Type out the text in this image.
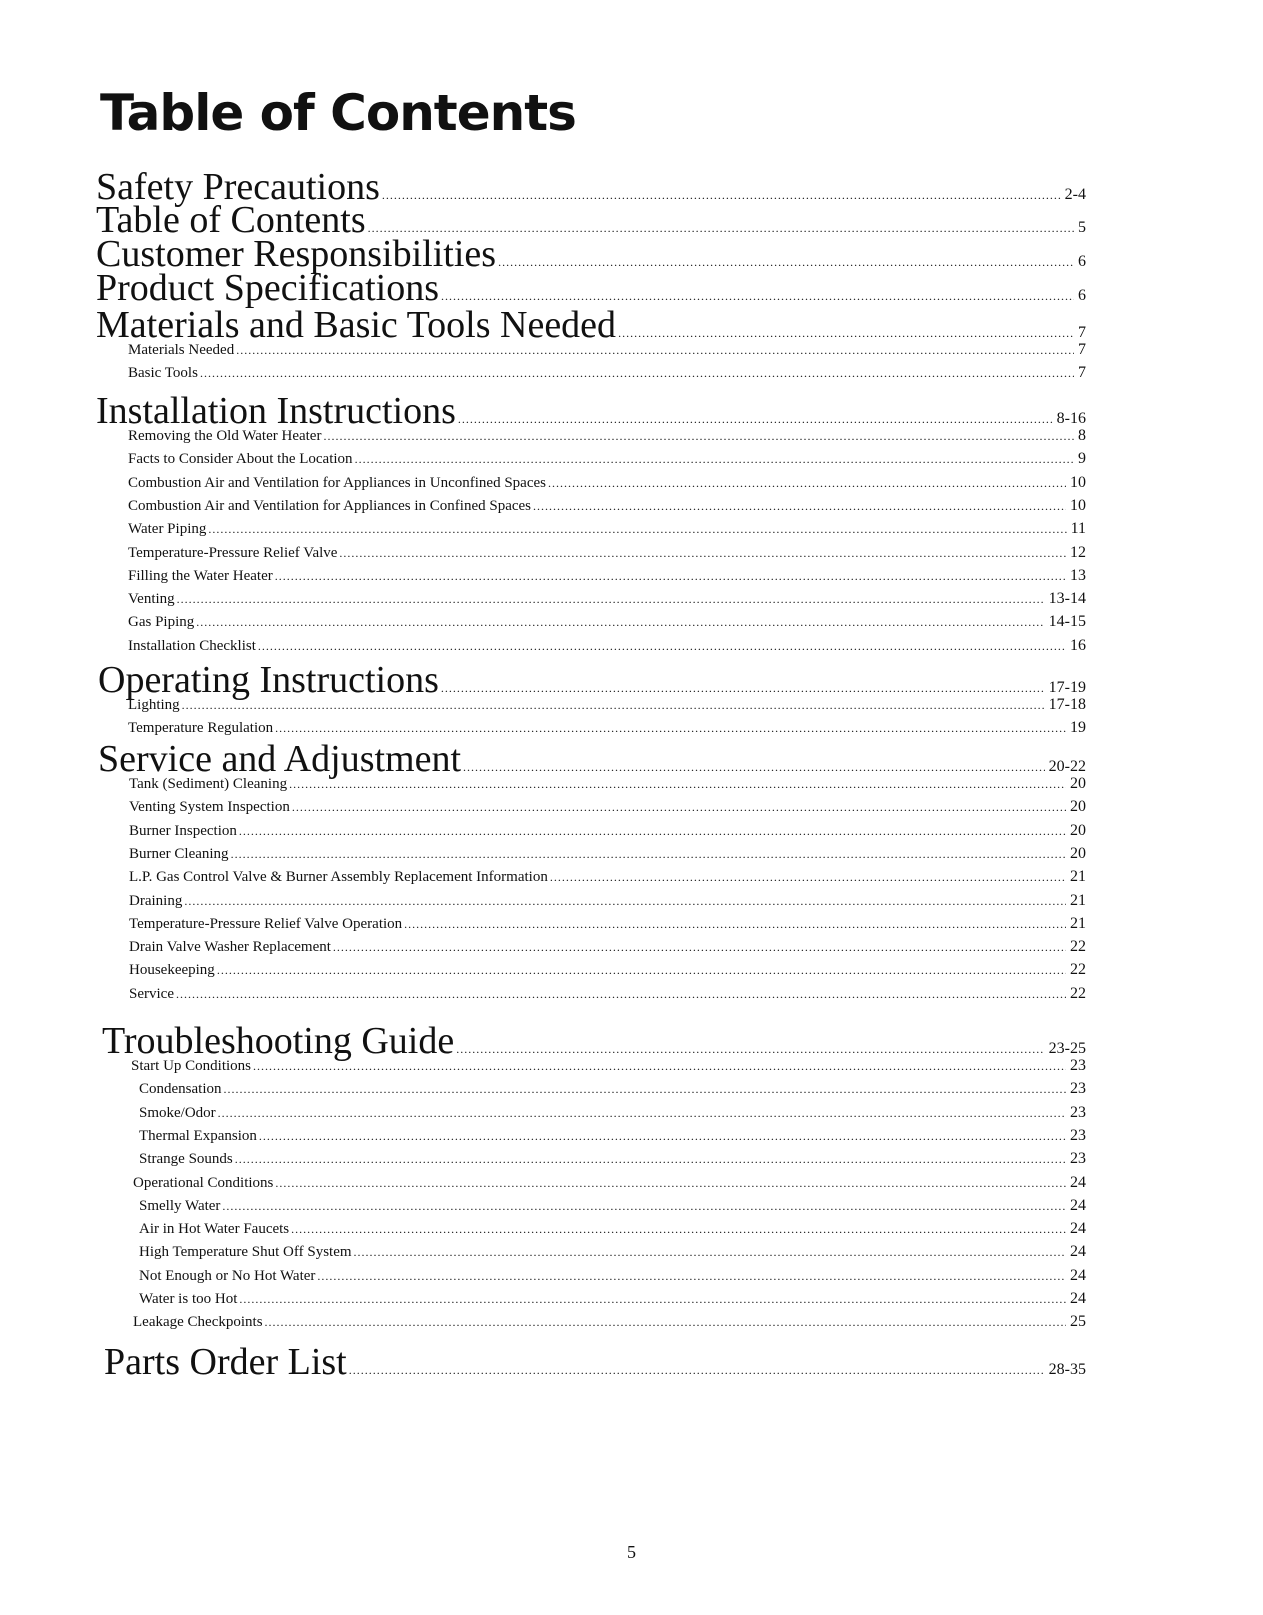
Table of Contents
Safety Precautions .....	2-4
Table of Contents .....	5
Customer Responsibilities .....	6
Product Specifications .....	6
Materials and Basic Tools Needed .....	7
Materials Needed .....	7
Basic Tools .....	7
Installation Instructions .....	8-16
Removing the Old Water Heater .....	8
Facts to Consider About the Location .....	9
Combustion Air and Ventilation for Appliances in Unconfined Spaces .....	10
Combustion Air and Ventilation for Appliances in Confined Spaces .....	10
Water Piping .....	11
Temperature-Pressure Relief Valve .....	12
Filling the Water Heater .....	13
Venting .....	13-14
Gas Piping .....	14-15
Installation Checklist .....	16
Operating Instructions .....	17-19
Lighting .....	17-18
Temperature Regulation .....	19
Service and Adjustment .....	20-22
Tank (Sediment) Cleaning .....	20
Venting System Inspection .....	20
Burner Inspection .....	20
Burner Cleaning .....	20
L.P. Gas Control Valve & Burner Assembly Replacement Information .....	21
Draining .....	21
Temperature-Pressure Relief Valve Operation .....	21
Drain Valve Washer Replacement .....	22
Housekeeping .....	22
Service .....	22
Troubleshooting Guide .....	23-25
Start Up Conditions .....	23
Condensation .....	23
Smoke/Odor .....	23
Thermal Expansion .....	23
Strange Sounds .....	23
Operational Conditions .....	24
Smelly Water .....	24
Air in Hot Water Faucets .....	24
High Temperature Shut Off System .....	24
Not Enough or No Hot Water .....	24
Water is too Hot .....	24
Leakage Checkpoints .....	25
Parts Order List .....	28-35
5
